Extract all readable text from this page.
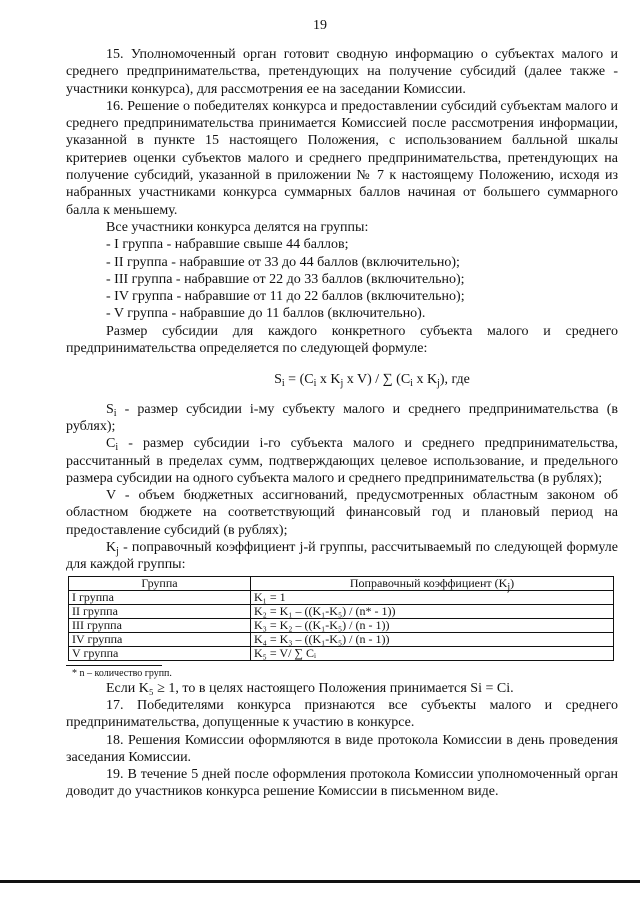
19

15. Уполномоченный орган готовит сводную информацию о субъектах малого и среднего предпринимательства, претендующих на получение субсидий (далее также - участники конкурса), для рассмотрения ее на заседании Комиссии.

16. Решение о победителях конкурса и предоставлении субсидий субъектам малого и среднего предпринимательства принимается Комиссией после рассмотрения информации, указанной в пункте 15 настоящего Положения, с использованием балльной шкалы критериев оценки субъектов малого и среднего предпринимательства, претендующих на получение субсидий, указанной в приложении № 7 к настоящему Положению, исходя из набранных участниками конкурса суммарных баллов начиная от большего суммарного балла к меньшему.

Все участники конкурса делятся на группы:

- I группа - набравшие свыше 44 баллов;

- II группа - набравшие от 33 до 44 баллов (включительно);

- III группа - набравшие от 22 до 33 баллов (включительно);

- IV группа - набравшие от 11 до 22 баллов (включительно);

- V группа - набравшие до 11 баллов (включительно).

Размер субсидии для каждого конкретного субъекта малого и среднего предпринимательства определяется по следующей формуле:

$S_i = (C_i$ x $K_j$ x V) / ∑ ($C_i$ x $K_j$), где

$S_i$ - размер субсидии i-му субъекту малого и среднего предпринимательства (в рублях);

$C_i$ - размер субсидии i-го субъекта малого и среднего предпринимательства, рассчитанный в пределах сумм, подтверждающих целевое использование, и предельного размера субсидии на одного субъекта малого и среднего предпринимательства (в рублях);

V - объем бюджетных ассигнований, предусмотренных областным законом об областном бюджете на соответствующий финансовый год и плановый период на предоставление субсидий (в рублях);

$K_j$ - поправочный коэффициент j-й группы, рассчитываемый по следующей формуле для каждой группы:

Группа	Поправочный коэффициент $(K_j)$
I группа	K₁ = 1
II группа	K₂ = K₁ – ((K₁-K₅) / (n* - 1))
III группа	K₃ = K₂ – ((K₁-K₅) / (n - 1))
IV группа	K₄ = K₃ – ((K₁-K₅) / (n - 1))
V группа	K₅ = V/ ∑ Cᵢ
* n – количество групп.

Если K₅ ≥ 1, то в целях настоящего Положения принимается Si = Ci.

17. Победителями конкурса признаются все субъекты малого и среднего предпринимательства, допущенные к участию в конкурсе.

18. Решения Комиссии оформляются в виде протокола Комиссии в день проведения заседания Комиссии.

19. В течение 5 дней после оформления протокола Комиссии уполномоченный орган доводит до участников конкурса решение Комиссии в письменном виде.
